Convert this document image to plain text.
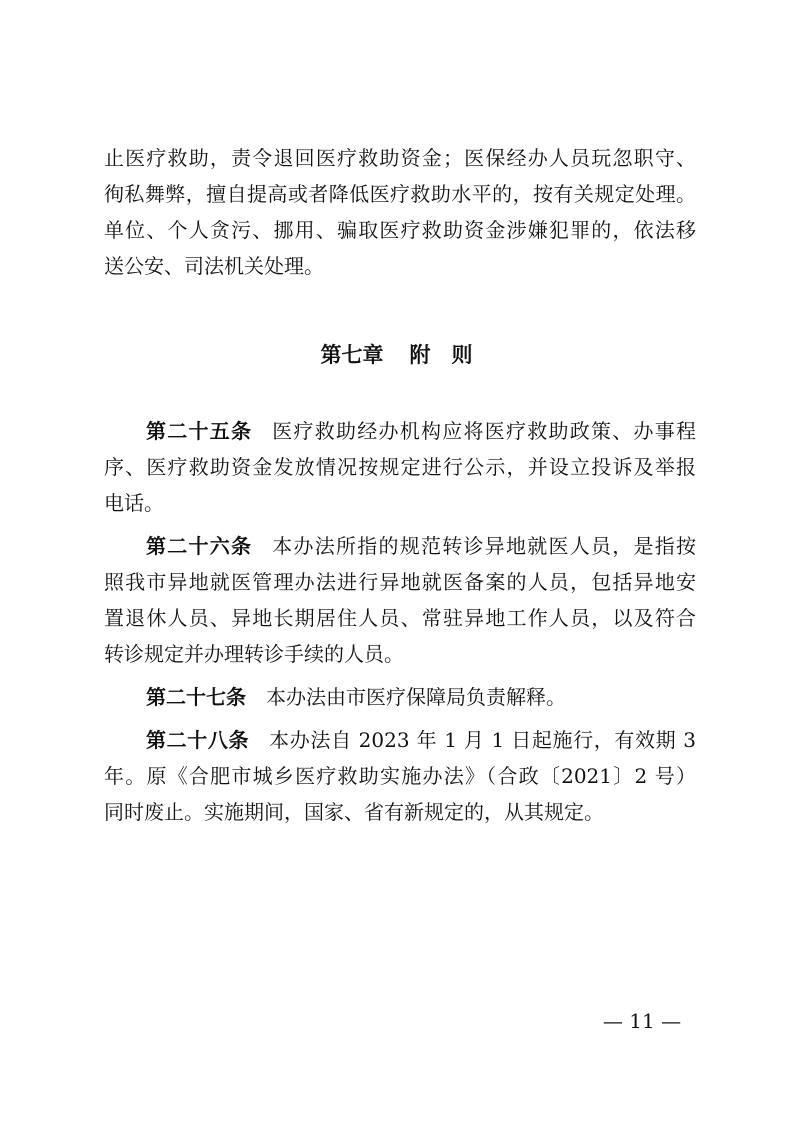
止医疗救助，责令退回医疗救助资金；医保经办人员玩忽职守、
徇私舞弊，擅自提高或者降低医疗救助水平的，按有关规定处理。
单位、个人贪污、挪用、骗取医疗救助资金涉嫌犯罪的，依法移
送公安、司法机关处理。
第七章 附　则
第二十五条 医疗救助经办机构应将医疗救助政策、办事程
序、医疗救助资金发放情况按规定进行公示，并设立投诉及举报
电话。
第二十六条 本办法所指的规范转诊异地就医人员，是指按
照我市异地就医管理办法进行异地就医备案的人员，包括异地安
置退休人员、异地长期居住人员、常驻异地工作人员，以及符合
转诊规定并办理转诊手续的人员。
第二十七条 本办法由市医疗保障局负责解释。
第二十八条 本办法自 2023 年 1 月 1 日起施行，有效期 3
年。原《合肥市城乡医疗救助实施办法》（合政〔2021〕2 号）
同时废止。实施期间，国家、省有新规定的，从其规定。
— 11 —
